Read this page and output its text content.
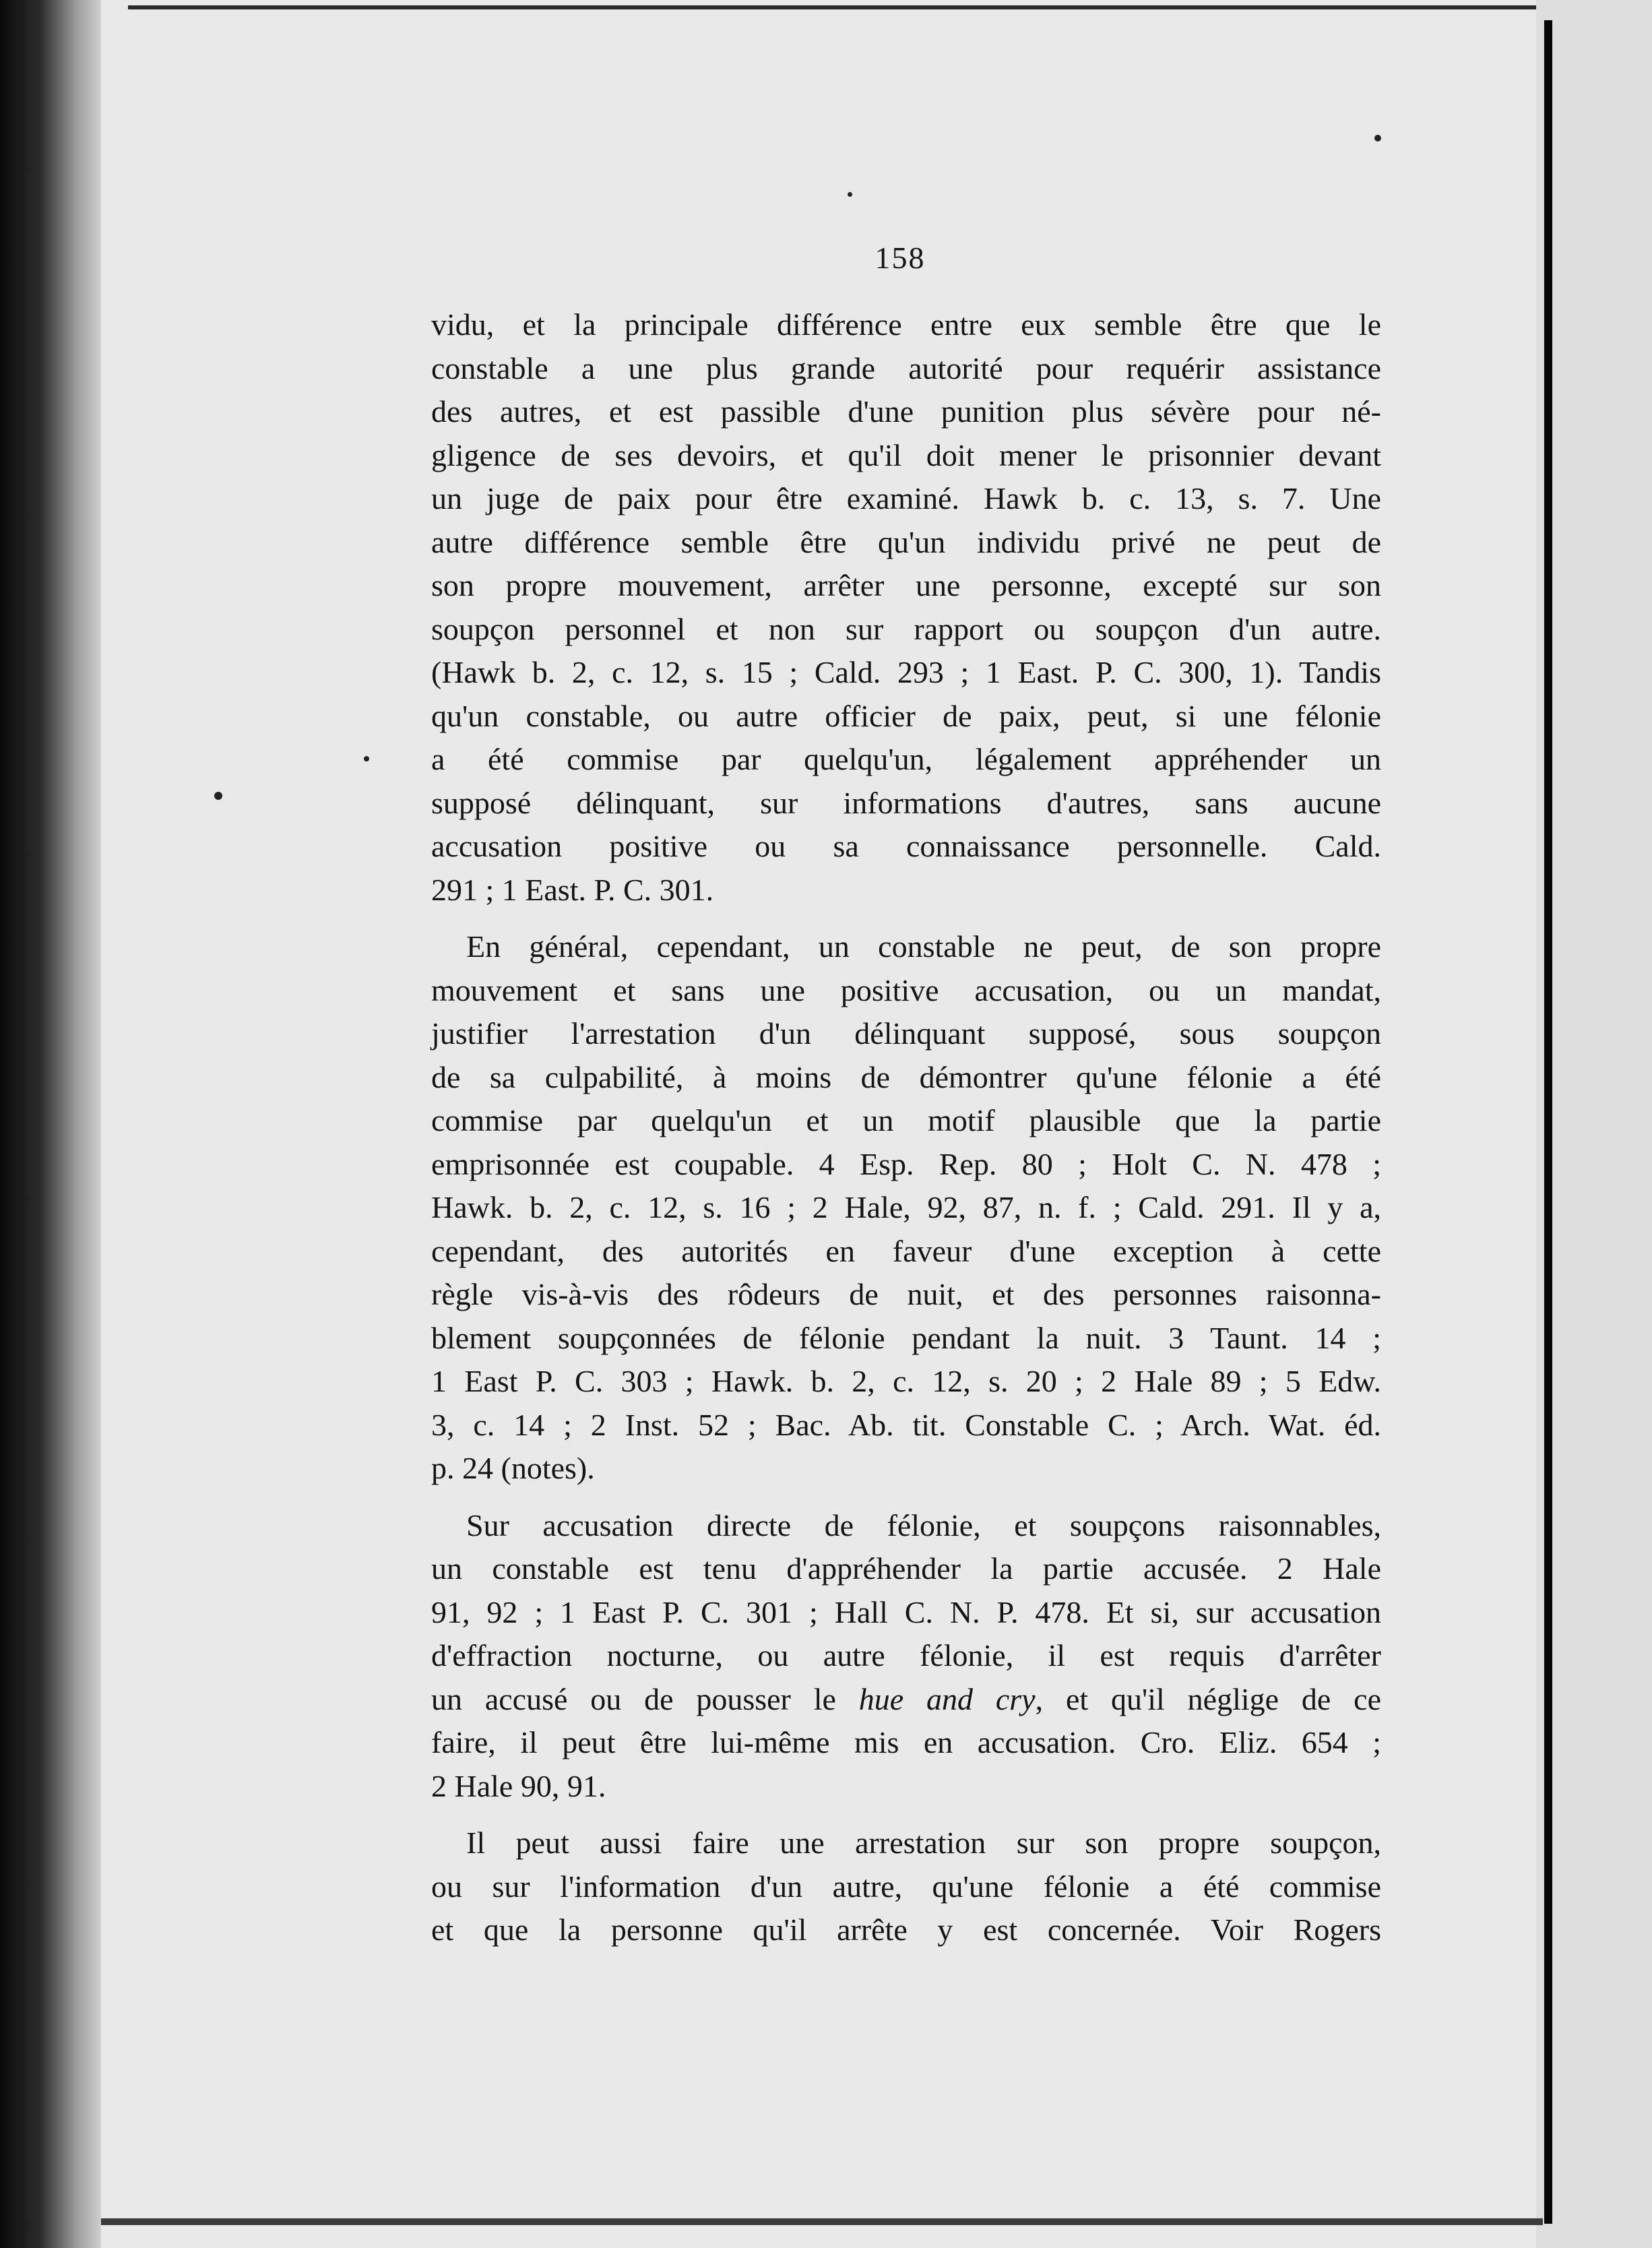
158
vidu, et la principale différence entre eux semble être que le
constable a une plus grande autorité pour requérir assistance
des autres, et est passible d'une punition plus sévère pour né-
gligence de ses devoirs, et qu'il doit mener le prisonnier devant
un juge de paix pour être examiné. Hawk b. c. 13, s. 7. Une
autre différence semble être qu'un individu privé ne peut de
son propre mouvement, arrêter une personne, excepté sur son
soupçon personnel et non sur rapport ou soupçon d'un autre.
(Hawk b. 2, c. 12, s. 15 ; Cald. 293 ; 1 East. P. C. 300, 1). Tandis
qu'un constable, ou autre officier de paix, peut, si une félonie
a été commise par quelqu'un, légalement appréhender un
supposé délinquant, sur informations d'autres, sans aucune
accusation positive ou sa connaissance personnelle. Cald.
291 ; 1 East. P. C. 301.
En général, cependant, un constable ne peut, de son propre
mouvement et sans une positive accusation, ou un mandat,
justifier l'arrestation d'un délinquant supposé, sous soupçon
de sa culpabilité, à moins de démontrer qu'une félonie a été
commise par quelqu'un et un motif plausible que la partie
emprisonnée est coupable. 4 Esp. Rep. 80 ; Holt C. N. 478 ;
Hawk. b. 2, c. 12, s. 16 ; 2 Hale, 92, 87, n. f. ; Cald. 291. Il y a,
cependant, des autorités en faveur d'une exception à cette
règle vis-à-vis des rôdeurs de nuit, et des personnes raisonna-
blement soupçonnées de félonie pendant la nuit. 3 Taunt. 14 ;
1 East P. C. 303 ; Hawk. b. 2, c. 12, s. 20 ; 2 Hale 89 ; 5 Edw.
3, c. 14 ; 2 Inst. 52 ; Bac. Ab. tit. Constable C. ; Arch. Wat. éd.
p. 24 (notes).
Sur accusation directe de félonie, et soupçons raisonnables,
un constable est tenu d'appréhender la partie accusée. 2 Hale
91, 92 ; 1 East P. C. 301 ; Hall C. N. P. 478. Et si, sur accusation
d'effraction nocturne, ou autre félonie, il est requis d'arrêter
un accusé ou de pousser le hue and cry, et qu'il néglige de ce
faire, il peut être lui-même mis en accusation. Cro. Eliz. 654 ;
2 Hale 90, 91.
Il peut aussi faire une arrestation sur son propre soupçon,
ou sur l'information d'un autre, qu'une félonie a été commise
et que la personne qu'il arrête y est concernée. Voir Rogers
